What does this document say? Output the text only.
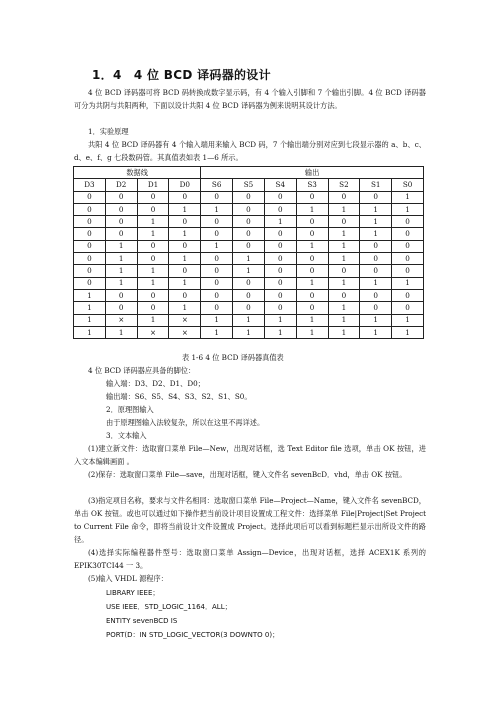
1．4　4 位 BCD 译码器的设计
4 位 BCD 译码器可将 BCD 码转换成数字显示码，有 4 个输入引脚和 7 个输出引脚。4 位 BCD 译码器可分为共阴与共阳两种，下面以设计共阳 4 位 BCD 译码器为例来说明其设计方法。
1．实验原理
共阳 4 位 BCD 译码器有 4 个输入端用来输入 BCD 码，7 个输出端分别对应到七段显示器的 a、b、c、d、e、f、g 七段数码管。其真值表如表 1—6 所示。
数据线				输出						
D3	D2	D1	D0	S6	S5	S4	S3	S2	S1	S0
0	0	0	0	0	0	0	0	0	0	1
0	0	0	1	1	0	0	1	1	1	1
0	0	1	0	0	0	1	0	0	1	0
0	0	1	1	0	0	0	0	1	1	0
0	1	0	0	1	0	0	1	1	0	0
0	1	0	1	0	1	0	0	1	0	0
0	1	1	0	0	1	0	0	0	0	0
0	1	1	1	0	0	0	1	1	1	1
1	0	0	0	0	0	0	0	0	0	0
1	0	0	1	0	0	0	0	1	0	0
1	×	1	×	1	1	1	1	1	1	1
1	1	×	×	1	1	1	1	1	1	1
表 1-6 4 位 BCD 译码器真值表
4 位 BCD 译码器应具备的脚位：
输入端：D3、D2、D1、D0；
输出端：S6、S5、S4、S3、S2、S1、S0。
2．原理图输入
由于原理图输入法较复杂，所以在这里不再详述。
3．文本输入
(1)建立新文件：选取窗口菜单 File—New，出现对话框，选 Text Editor file 选项，单击 OK 按钮，进入文本编辑画面 。
(2)保存：选取窗口菜单 File—save，出现对话框，键入文件名 sevenBcD．vhd，单击 OK 按钮。
(3)指定项目名称，要求与文件名相同：选取窗口菜单 File—Project—Name，键入文件名 sevenBCD，单击 OK 按钮。或也可以通过如下操作把当前设计项目设置成工程文件：选择菜单 File|Project|Set Project to Current File 命令，即将当前设计文件设置成 Project。选择此项后可以看到标题栏显示出所设文件的路径。
(4)选择实际编程器件型号：选取窗口菜单 Assign—Device，出现对话框，选择 ACEX1K 系列的 EPIK30TCI44 一 3。
(5)输入 VHDL 源程序：
LIBRARY IEEE；
USE IEEE．STD_LOGIC_1164．ALL；
ENTITY sevenBCD IS
PORT(D：IN STD_LOGIC_VECTOR(3 DOWNTO 0)；
